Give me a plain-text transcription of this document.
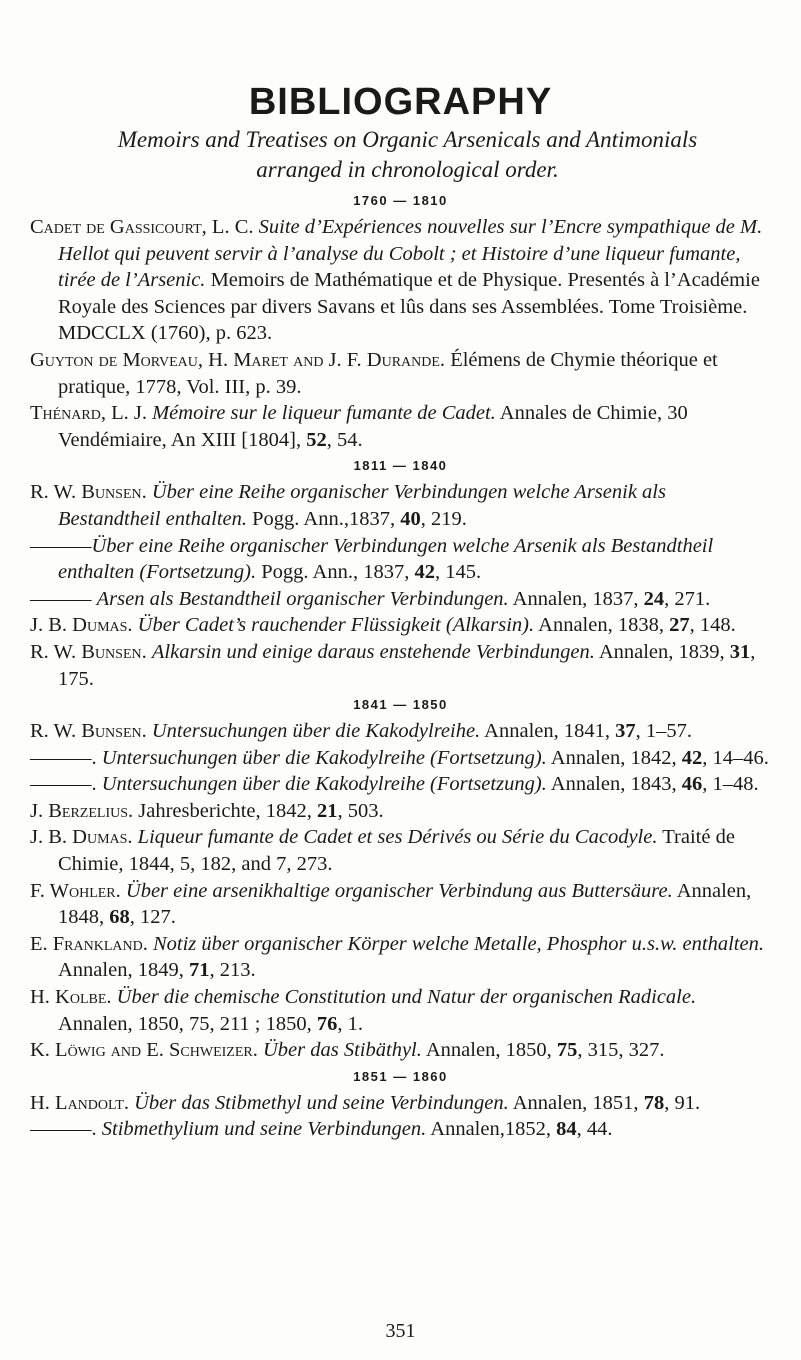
BIBLIOGRAPHY
Memoirs and Treatises on Organic Arsenicals and Antimonials
arranged in chronological order.
1760 — 1810

Cadet de Gassicourt, L. C. Suite d’Expériences nouvelles sur l’Encre sympathique de M. Hellot qui peuvent servir à l’analyse du Cobolt ; et Histoire d’une liqueur fumante, tirée de l’Arsenic. Memoirs de Mathématique et de Physique. Presentés à l’Académie Royale des Sciences par divers Savans et lûs dans ses Assemblées. Tome Troisième. MDCCLX (1760), p. 623.

Guyton de Morveau, H. Maret and J. F. Durande. Élémens de Chymie théorique et pratique, 1778, Vol. III, p. 39.

Thénard, L. J. Mémoire sur le liqueur fumante de Cadet. Annales de Chimie, 30 Vendémiaire, An XIII [1804], 52, 54.

1811 — 1840

R. W. Bunsen. Über eine Reihe organischer Verbindungen welche Arsenik als Bestandtheil enthalten. Pogg. Ann.,1837, 40, 219.

———Über eine Reihe organischer Verbindungen welche Arsenik als Bestandtheil enthalten (Fortsetzung). Pogg. Ann., 1837, 42, 145.

——— Arsen als Bestandtheil organischer Verbindungen. Annalen, 1837, 24, 271.

J. B. Dumas. Über Cadet’s rauchender Flüssigkeit (Alkarsin). Annalen, 1838, 27, 148.

R. W. Bunsen. Alkarsin und einige daraus enstehende Verbindungen. Annalen, 1839, 31, 175.

1841 — 1850

R. W. Bunsen. Untersuchungen über die Kakodylreihe. Annalen, 1841, 37, 1–57.

———. Untersuchungen über die Kakodylreihe (Fortsetzung). Annalen, 1842, 42, 14–46.

———. Untersuchungen über die Kakodylreihe (Fortsetzung). Annalen, 1843, 46, 1–48.

J. Berzelius. Jahresberichte, 1842, 21, 503.

J. B. Dumas. Liqueur fumante de Cadet et ses Dérivés ou Série du Cacodyle. Traité de Chimie, 1844, 5, 182, and 7, 273.

F. Wohler. Über eine arsenikhaltige organischer Verbindung aus Buttersäure. Annalen, 1848, 68, 127.

E. Frankland. Notiz über organischer Körper welche Metalle, Phosphor u.s.w. enthalten. Annalen, 1849, 71, 213.

H. Kolbe. Über die chemische Constitution und Natur der organischen Radicale. Annalen, 1850, 75, 211 ; 1850, 76, 1.

K. Löwig and E. Schweizer. Über das Stibäthyl. Annalen, 1850, 75, 315, 327.

1851 — 1860

H. Landolt. Über das Stibmethyl und seine Verbindungen. Annalen, 1851, 78, 91.

———. Stibmethylium und seine Verbindungen. Annalen,1852, 84, 44.

351
